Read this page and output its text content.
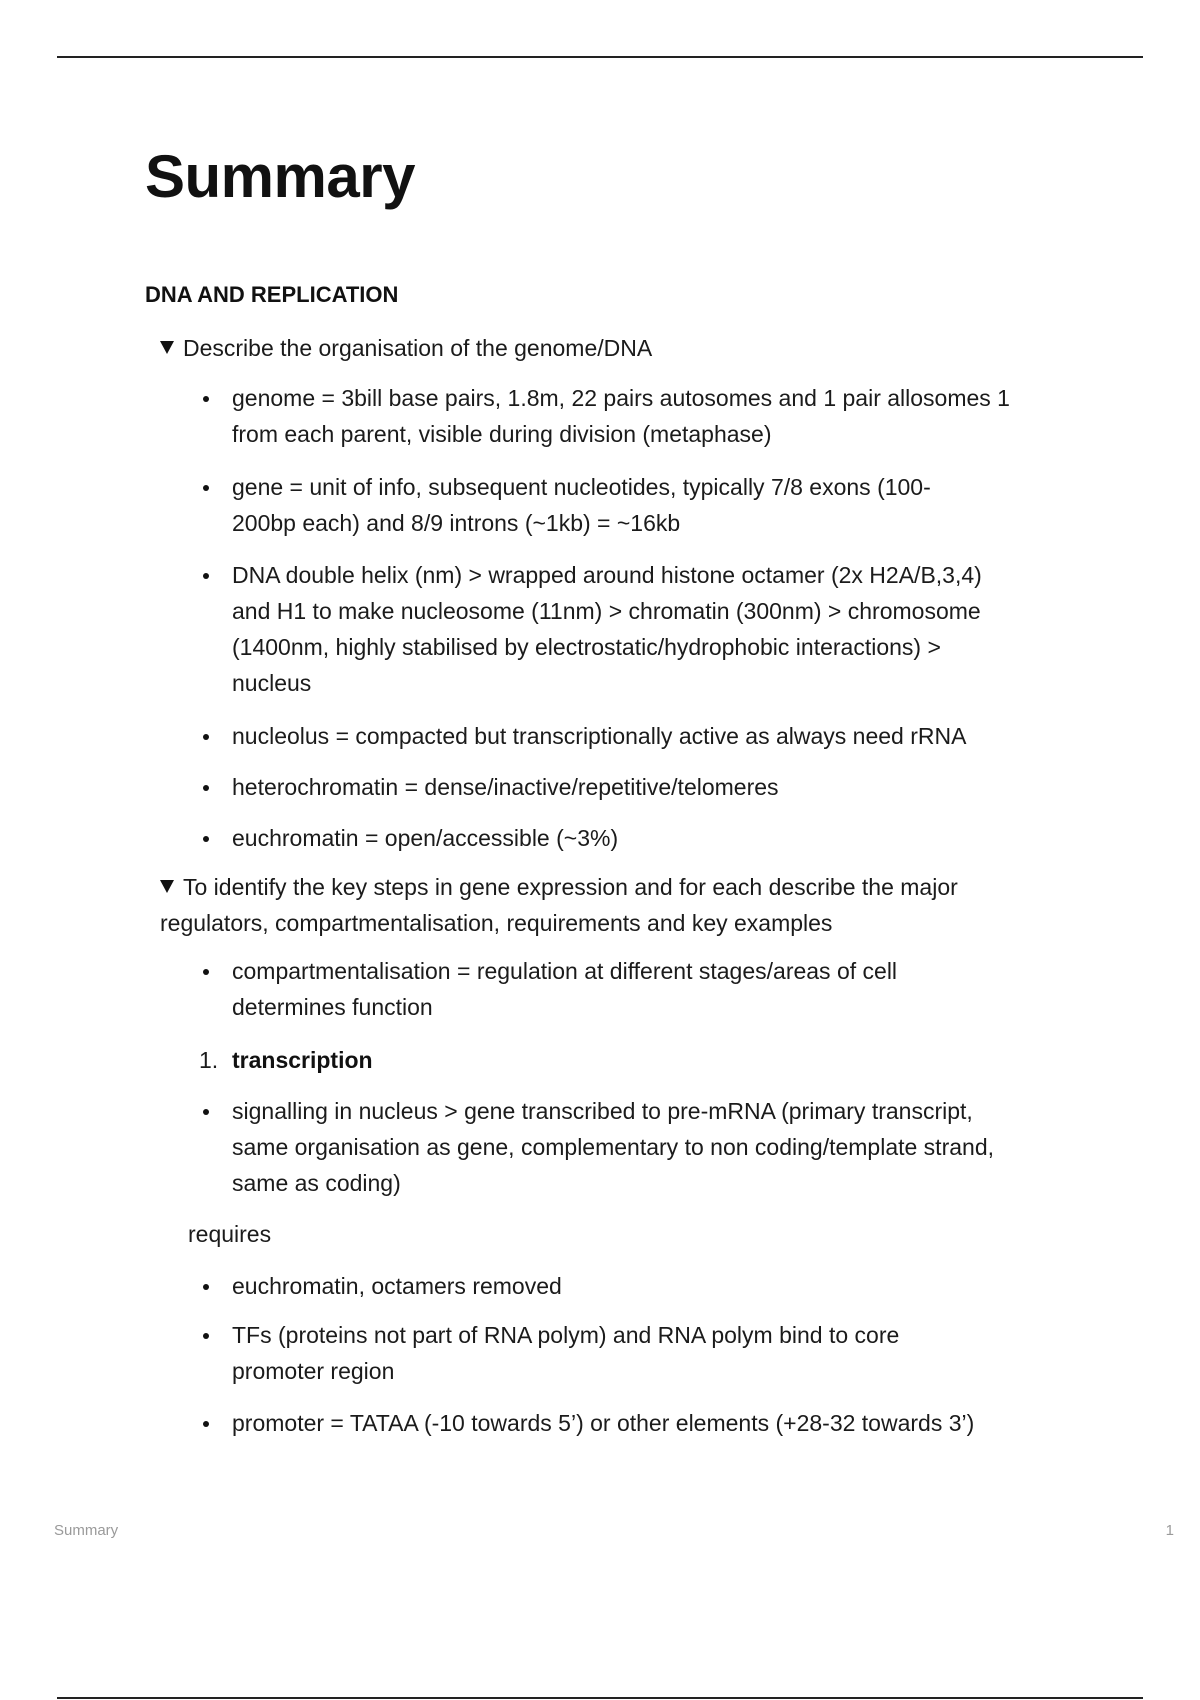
Summary
DNA AND REPLICATION
Describe the organisation of the genome/DNA
genome = 3bill base pairs, 1.8m, 22 pairs autosomes and 1 pair allosomes 1
from each parent, visible during division (metaphase)
gene = unit of info, subsequent nucleotides, typically 7/8 exons (100-
200bp each) and 8/9 introns (~1kb) = ~16kb
DNA double helix (nm) > wrapped around histone octamer (2x H2A/B,3,4)
and H1 to make nucleosome (11nm) > chromatin (300nm) > chromosome
(1400nm, highly stabilised by electrostatic/hydrophobic interactions) >
nucleus
nucleolus = compacted but transcriptionally active as always need rRNA
heterochromatin = dense/inactive/repetitive/telomeres
euchromatin = open/accessible (~3%)
To identify the key steps in gene expression and for each describe the major
regulators, compartmentalisation, requirements and key examples
compartmentalisation = regulation at different stages/areas of cell
determines function
1. transcription
signalling in nucleus > gene transcribed to pre-mRNA (primary transcript,
same organisation as gene, complementary to non coding/template strand,
same as coding)
requires
euchromatin, octamers removed
TFs (proteins not part of RNA polym) and RNA polym bind to core
promoter region
promoter = TATAA (-10 towards 5’) or other elements (+28-32 towards 3’)
Summary	1
